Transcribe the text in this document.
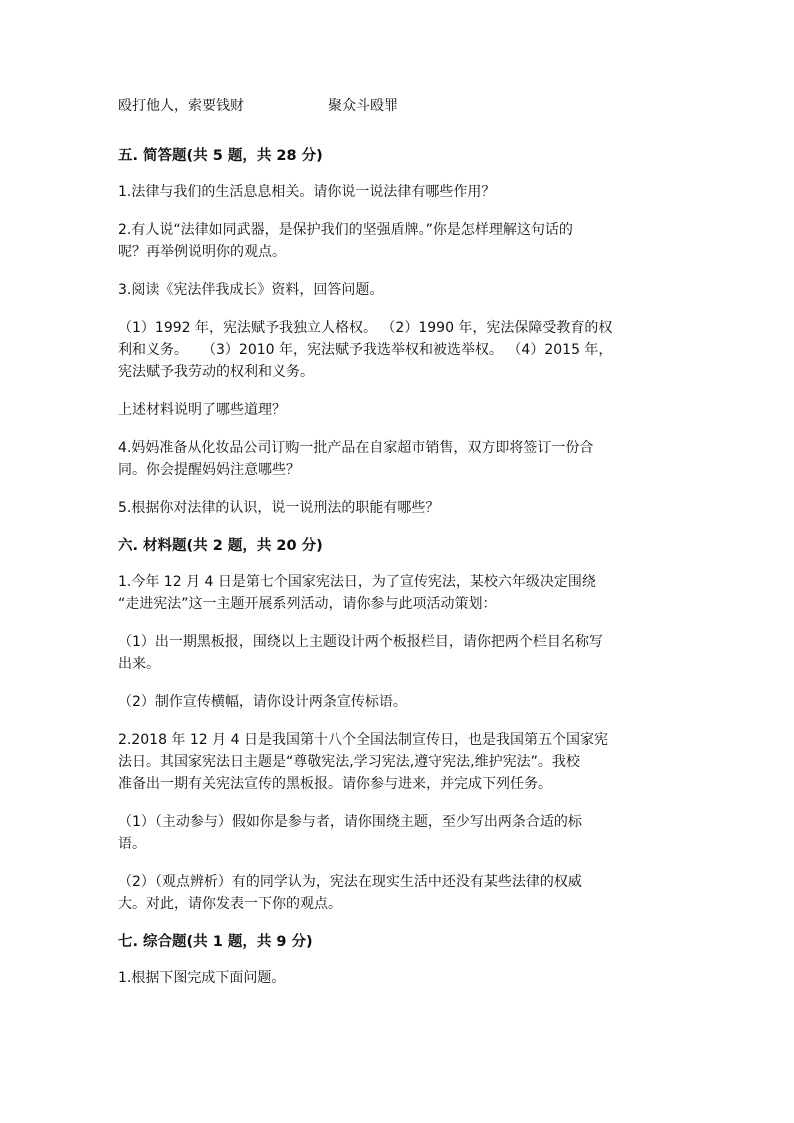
殴打他人，索要钱财	聚众斗殴罪
五. 简答题(共 5 题，共 28 分)
1.法律与我们的生活息息相关。请你说一说法律有哪些作用？
2.有人说“法律如同武器，是保护我们的坚强盾牌。”你是怎样理解这句话的
呢？再举例说明你的观点。
3.阅读《宪法伴我成长》资料，回答问题。
（1）1992 年，宪法赋予我独立人格权。 （2）1990 年，宪法保障受教育的权
利和义务。　　（3）2010 年，宪法赋予我选举权和被选举权。 （4）2015 年，
宪法赋予我劳动的权利和义务。
上述材料说明了哪些道理？
4.妈妈准备从化妆品公司订购一批产品在自家超市销售，双方即将签订一份合
同。你会提醒妈妈注意哪些？
5.根据你对法律的认识，说一说刑法的职能有哪些？
六. 材料题(共 2 题，共 20 分)
1.今年 12 月 4 日是第七个国家宪法日，为了宣传宪法，某校六年级决定围绕
“走进宪法”这一主题开展系列活动，请你参与此项活动策划：
（1）出一期黑板报，围绕以上主题设计两个板报栏目，请你把两个栏目名称写
出来。
（2）制作宣传横幅，请你设计两条宣传标语。
2.2018 年 12 月 4 日是我国第十八个全国法制宣传日，也是我国第五个国家宪
法日。其国家宪法日主题是“尊敬宪法,学习宪法,遵守宪法,维护宪法”。我校
准备出一期有关宪法宣传的黑板报。请你参与进来，并完成下列任务。
（1）（主动参与）假如你是参与者，请你围绕主题，至少写出两条合适的标
语。
（2）（观点辨析）有的同学认为，宪法在现实生活中还没有某些法律的权威
大。对此，请你发表一下你的观点。
七. 综合题(共 1 题，共 9 分)
1.根据下图完成下面问题。
